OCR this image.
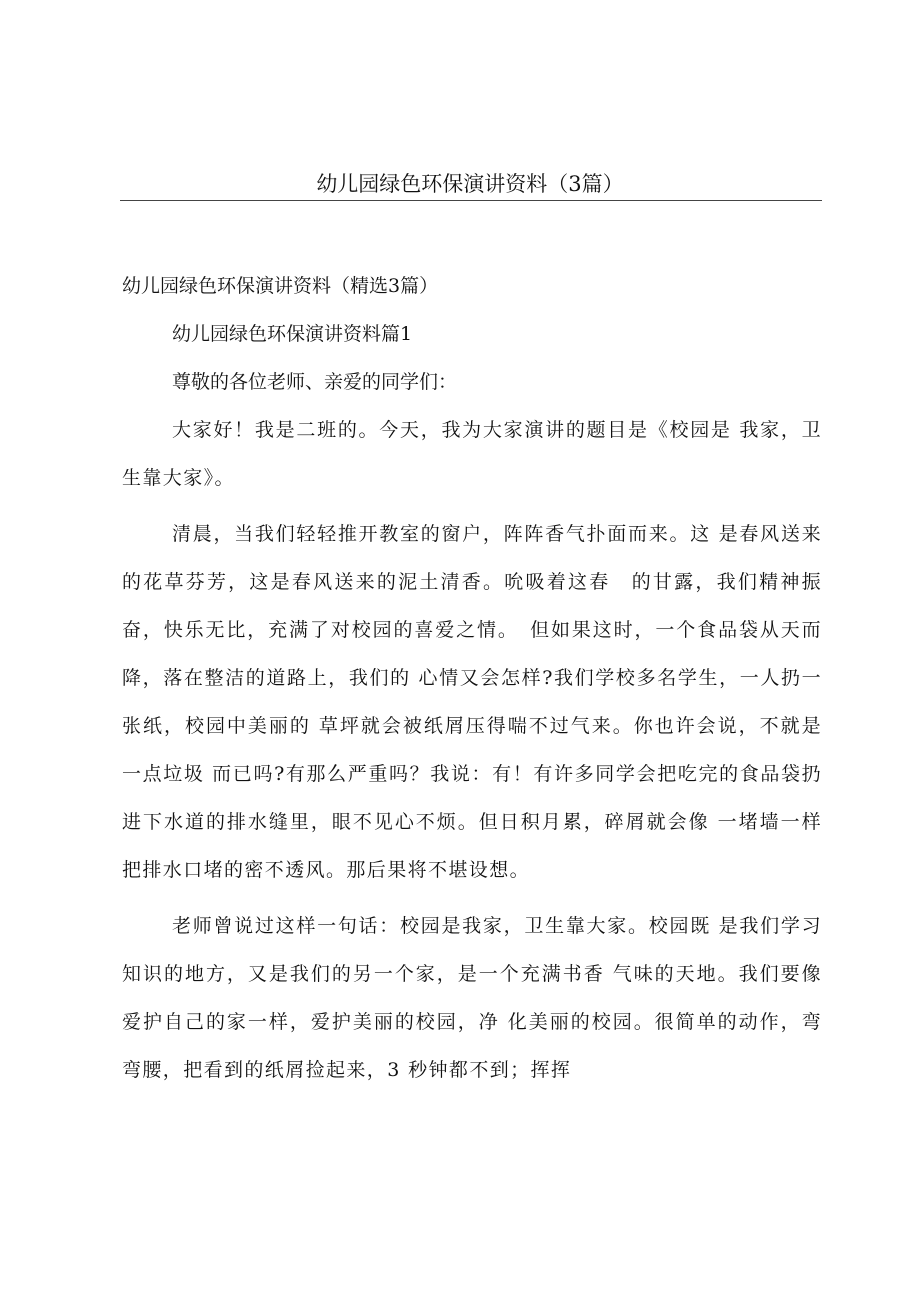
幼儿园绿色环保演讲资料（3篇）
幼儿园绿色环保演讲资料（精选3篇）
幼儿园绿色环保演讲资料篇1
尊敬的各位老师、亲爱的同学们：

大家好！我是二班的。今天，我为大家演讲的题目是《校园是 我家，卫生靠大家》。

清晨，当我们轻轻推开教室的窗户，阵阵香气扑面而来。这 是春风送来的花草芬芳，这是春风送来的泥土清香。吮吸着这春　的甘露，我们精神振奋，快乐无比，充满了对校园的喜爱之情。　但如果这时，一个食品袋从天而降，落在整洁的道路上，我们的 心情又会怎样?我们学校多名学生，一人扔一张纸，校园中美丽的 草坪就会被纸屑压得喘不过气来。你也许会说，不就是一点垃圾 而已吗?有那么严重吗？我说：有！有许多同学会把吃完的食品袋扔 进下水道的排水缝里，眼不见心不烦。但日积月累，碎屑就会像 一堵墙一样把排水口堵的密不透风。那后果将不堪设想。

老师曾说过这样一句话：校园是我家，卫生靠大家。校园既 是我们学习知识的地方，又是我们的另一个家，是一个充满书香 气味的天地。我们要像爱护自己的家一样，爱护美丽的校园，净 化美丽的校园。很简单的动作，弯弯腰，把看到的纸屑捡起来，3 秒钟都不到；挥挥
